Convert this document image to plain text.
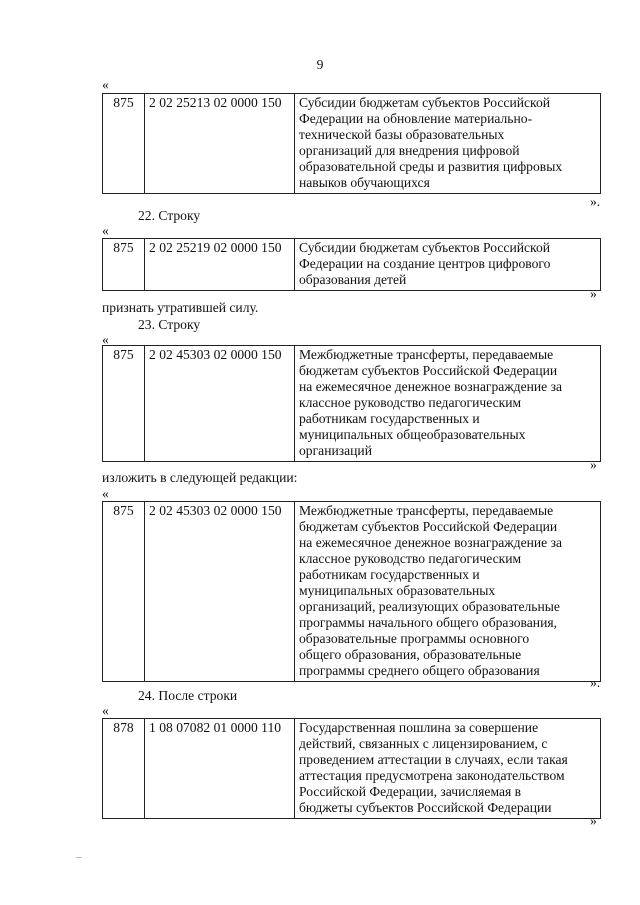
9
«
875	2 02 25213 02 0000 150	Субсидии бюджетам субъектов Российской
Федерации на обновление материально-
технической базы образовательных
организаций для внедрения цифровой
образовательной среды и развития цифровых
навыков обучающихся
».
22. Строку
«
875	2 02 25219 02 0000 150	Субсидии бюджетам субъектов Российской
Федерации на создание центров цифрового
образования детей
»
признать утратившей силу.
23. Строку
«
875	2 02 45303 02 0000 150	Межбюджетные трансферты, передаваемые
бюджетам субъектов Российской Федерации
на ежемесячное денежное вознаграждение за
классное руководство педагогическим
работникам государственных и
муниципальных общеобразовательных
организаций
»
изложить в следующей редакции:
«
875	2 02 45303 02 0000 150	Межбюджетные трансферты, передаваемые
бюджетам субъектов Российской Федерации
на ежемесячное денежное вознаграждение за
классное руководство педагогическим
работникам государственных и
муниципальных образовательных
организаций, реализующих образовательные
программы начального общего образования,
образовательные программы основного
общего образования, образовательные
программы среднего общего образования
».
24. После строки
«
878	1 08 07082 01 0000 110	Государственная пошлина за совершение
действий, связанных с лицензированием, с
проведением аттестации в случаях, если такая
аттестация предусмотрена законодательством
Российской Федерации, зачисляемая в
бюджеты субъектов Российской Федерации
»
